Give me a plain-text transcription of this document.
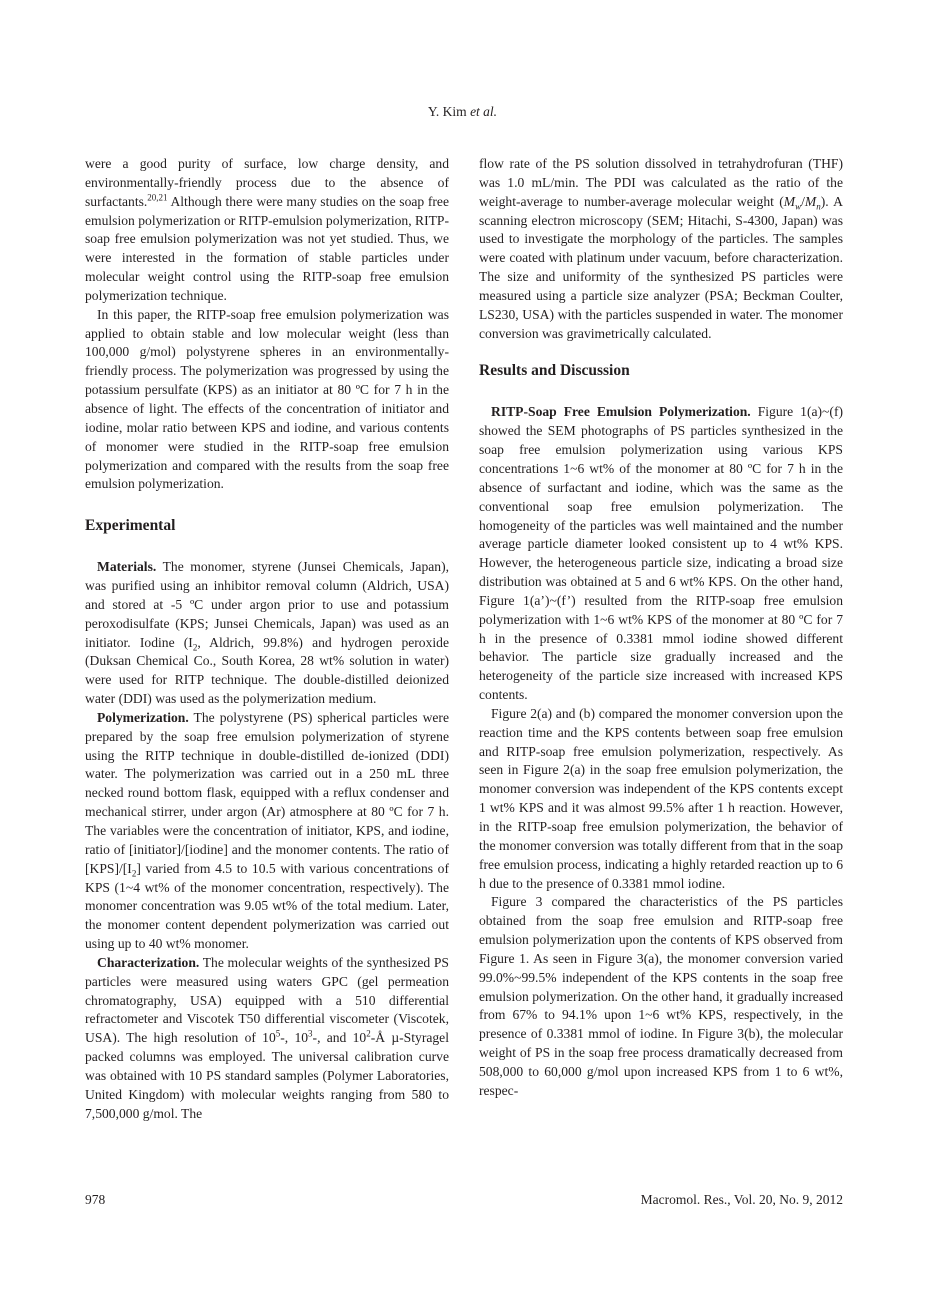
Y. Kim et al.

were a good purity of surface, low charge density, and environmentally-friendly process due to the absence of surfactants.$^{20,21}$ Although there were many studies on the soap free emulsion polymerization or RITP-emulsion polymerization, RITP-soap free emulsion polymerization was not yet studied. Thus, we were interested in the formation of stable particles under molecular weight control using the RITP-soap free emulsion polymerization technique.

In this paper, the RITP-soap free emulsion polymerization was applied to obtain stable and low molecular weight (less than 100,000 g/mol) polystyrene spheres in an environmentally-friendly process. The polymerization was progressed by using the potassium persulfate (KPS) as an initiator at 80 ºC for 7 h in the absence of light. The effects of the concentration of initiator and iodine, molar ratio between KPS and iodine, and various contents of monomer were studied in the RITP-soap free emulsion polymerization and compared with the results from the soap free emulsion polymerization.

Experimental

Materials. The monomer, styrene (Junsei Chemicals, Japan), was purified using an inhibitor removal column (Aldrich, USA) and stored at -5 ºC under argon prior to use and potassium peroxodisulfate (KPS; Junsei Chemicals, Japan) was used as an initiator. Iodine ($I_2$, Aldrich, 99.8%) and hydrogen peroxide (Duksan Chemical Co., South Korea, 28 wt% solution in water) were used for RITP technique. The double-distilled deionized water (DDI) was used as the polymerization medium.

Polymerization. The polystyrene (PS) spherical particles were prepared by the soap free emulsion polymerization of styrene using the RITP technique in double-distilled de-ionized (DDI) water. The polymerization was carried out in a 250 mL three necked round bottom flask, equipped with a reflux condenser and mechanical stirrer, under argon (Ar) atmosphere at 80 ºC for 7 h. The variables were the concentration of initiator, KPS, and iodine, ratio of [initiator]/[iodine] and the monomer contents. The ratio of $[KPS]/[I_2]$ varied from 4.5 to 10.5 with various concentrations of KPS (1~4 wt% of the monomer concentration, respectively). The monomer concentration was 9.05 wt% of the total medium. Later, the monomer content dependent polymerization was carried out using up to 40 wt% monomer.

Characterization. The molecular weights of the synthesized PS particles were measured using waters GPC (gel permeation chromatography, USA) equipped with a 510 differential refractometer and Viscotek T50 differential viscometer (Viscotek, USA). The high resolution of $10^5-$, $10^3-$, and $10^2-Å$ µ-Styragel packed columns was employed. The universal calibration curve was obtained with 10 PS standard samples (Polymer Laboratories, United Kingdom) with molecular weights ranging from 580 to 7,500,000 g/mol. The

flow rate of the PS solution dissolved in tetrahydrofuran (THF) was 1.0 mL/min. The PDI was calculated as the ratio of the weight-average to number-average molecular weight $(M_w/M_n)$. A scanning electron microscopy (SEM; Hitachi, S-4300, Japan) was used to investigate the morphology of the particles. The samples were coated with platinum under vacuum, before characterization. The size and uniformity of the synthesized PS particles were measured using a particle size analyzer (PSA; Beckman Coulter, LS230, USA) with the particles suspended in water. The monomer conversion was gravimetrically calculated.

Results and Discussion

RITP-Soap Free Emulsion Polymerization. Figure 1(a)~(f) showed the SEM photographs of PS particles synthesized in the soap free emulsion polymerization using various KPS concentrations 1~6 wt% of the monomer at 80 ºC for 7 h in the absence of surfactant and iodine, which was the same as the conventional soap free emulsion polymerization. The homogeneity of the particles was well maintained and the number average particle diameter looked consistent up to 4 wt% KPS. However, the heterogeneous particle size, indicating a broad size distribution was obtained at 5 and 6 wt% KPS. On the other hand, Figure 1(a’)~(f’) resulted from the RITP-soap free emulsion polymerization with 1~6 wt% KPS of the monomer at 80 ºC for 7 h in the presence of 0.3381 mmol iodine showed different behavior. The particle size gradually increased and the heterogeneity of the particle size increased with increased KPS contents.

Figure 2(a) and (b) compared the monomer conversion upon the reaction time and the KPS contents between soap free emulsion and RITP-soap free emulsion polymerization, respectively. As seen in Figure 2(a) in the soap free emulsion polymerization, the monomer conversion was independent of the KPS contents except 1 wt% KPS and it was almost 99.5% after 1 h reaction. However, in the RITP-soap free emulsion polymerization, the behavior of the monomer conversion was totally different from that in the soap free emulsion process, indicating a highly retarded reaction up to 6 h due to the presence of 0.3381 mmol iodine.

Figure 3 compared the characteristics of the PS particles obtained from the soap free emulsion and RITP-soap free emulsion polymerization upon the contents of KPS observed from Figure 1. As seen in Figure 3(a), the monomer conversion varied 99.0%~99.5% independent of the KPS contents in the soap free emulsion polymerization. On the other hand, it gradually increased from 67% to 94.1% upon 1~6 wt% KPS, respectively, in the presence of 0.3381 mmol of iodine. In Figure 3(b), the molecular weight of PS in the soap free process dramatically decreased from 508,000 to 60,000 g/mol upon increased KPS from 1 to 6 wt%, respec-

978	Macromol. Res., Vol. 20, No. 9, 2012
